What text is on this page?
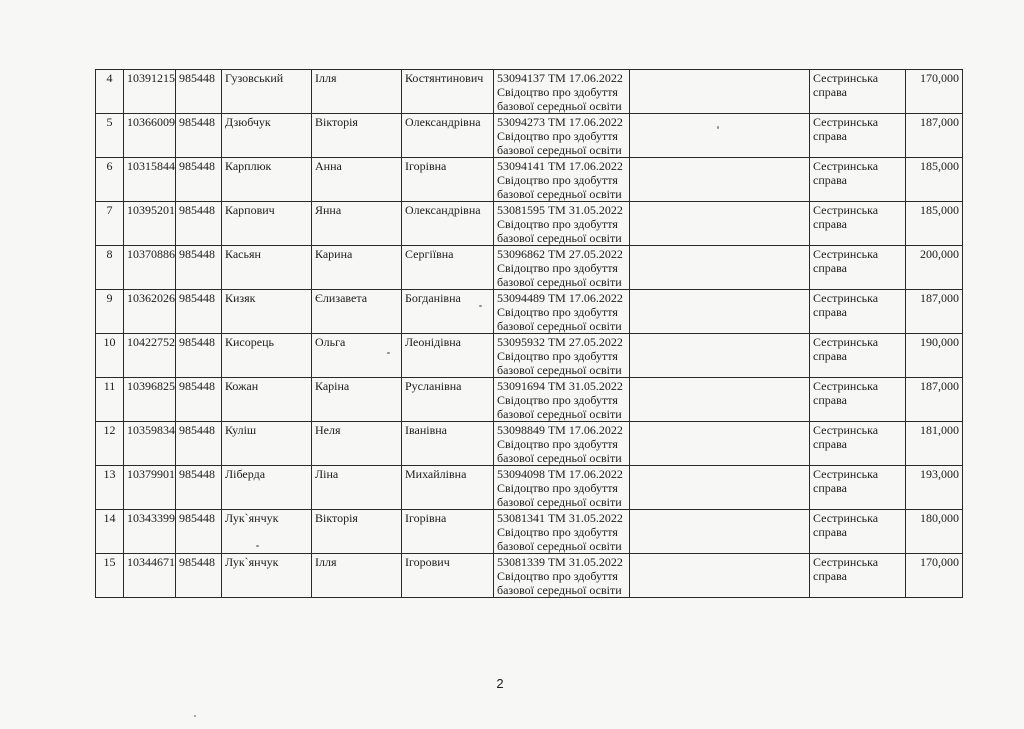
4	10391215	985448	Гузовський	Ілля	Костянтинович	53094137 ТМ 17.06.2022
Свідоцтво про здобуття
базової середньої освіти		Сестринська
справа	170,000
5	10366009	985448	Дзюбчук	Вікторія	Олександрівна	53094273 ТМ 17.06.2022
Свідоцтво про здобуття
базової середньої освіти		Сестринська
справа	187,000
6	10315844	985448	Карплюк	Анна	Ігорівна	53094141 ТМ 17.06.2022
Свідоцтво про здобуття
базової середньої освіти		Сестринська
справа	185,000
7	10395201	985448	Карпович	Янна	Олександрівна	53081595 ТМ 31.05.2022
Свідоцтво про здобуття
базової середньої освіти		Сестринська
справа	185,000
8	10370886	985448	Касьян	Карина	Сергіївна	53096862 ТМ 27.05.2022
Свідоцтво про здобуття
базової середньої освіти		Сестринська
справа	200,000
9	10362026	985448	Кизяк	Єлизавета	Богданівна	53094489 ТМ 17.06.2022
Свідоцтво про здобуття
базової середньої освіти		Сестринська
справа	187,000
10	10422752	985448	Кисорець	Ольга	Леонідівна	53095932 ТМ 27.05.2022
Свідоцтво про здобуття
базової середньої освіти		Сестринська
справа	190,000
11	10396825	985448	Кожан	Каріна	Русланівна	53091694 ТМ 31.05.2022
Свідоцтво про здобуття
базової середньої освіти		Сестринська
справа	187,000
12	10359834	985448	Куліш	Неля	Іванівна	53098849 ТМ 17.06.2022
Свідоцтво про здобуття
базової середньої освіти		Сестринська
справа	181,000
13	10379901	985448	Ліберда	Ліна	Михайлівна	53094098 ТМ 17.06.2022
Свідоцтво про здобуття
базової середньої освіти		Сестринська
справа	193,000
14	10343399	985448	Лук`янчук	Вікторія	Ігорівна	53081341 ТМ 31.05.2022
Свідоцтво про здобуття
базової середньої освіти		Сестринська
справа	180,000
15	10344671	985448	Лук`янчук	Ілля	Ігорович	53081339 ТМ 31.05.2022
Свідоцтво про здобуття
базової середньої освіти		Сестринська
справа	170,000
2
